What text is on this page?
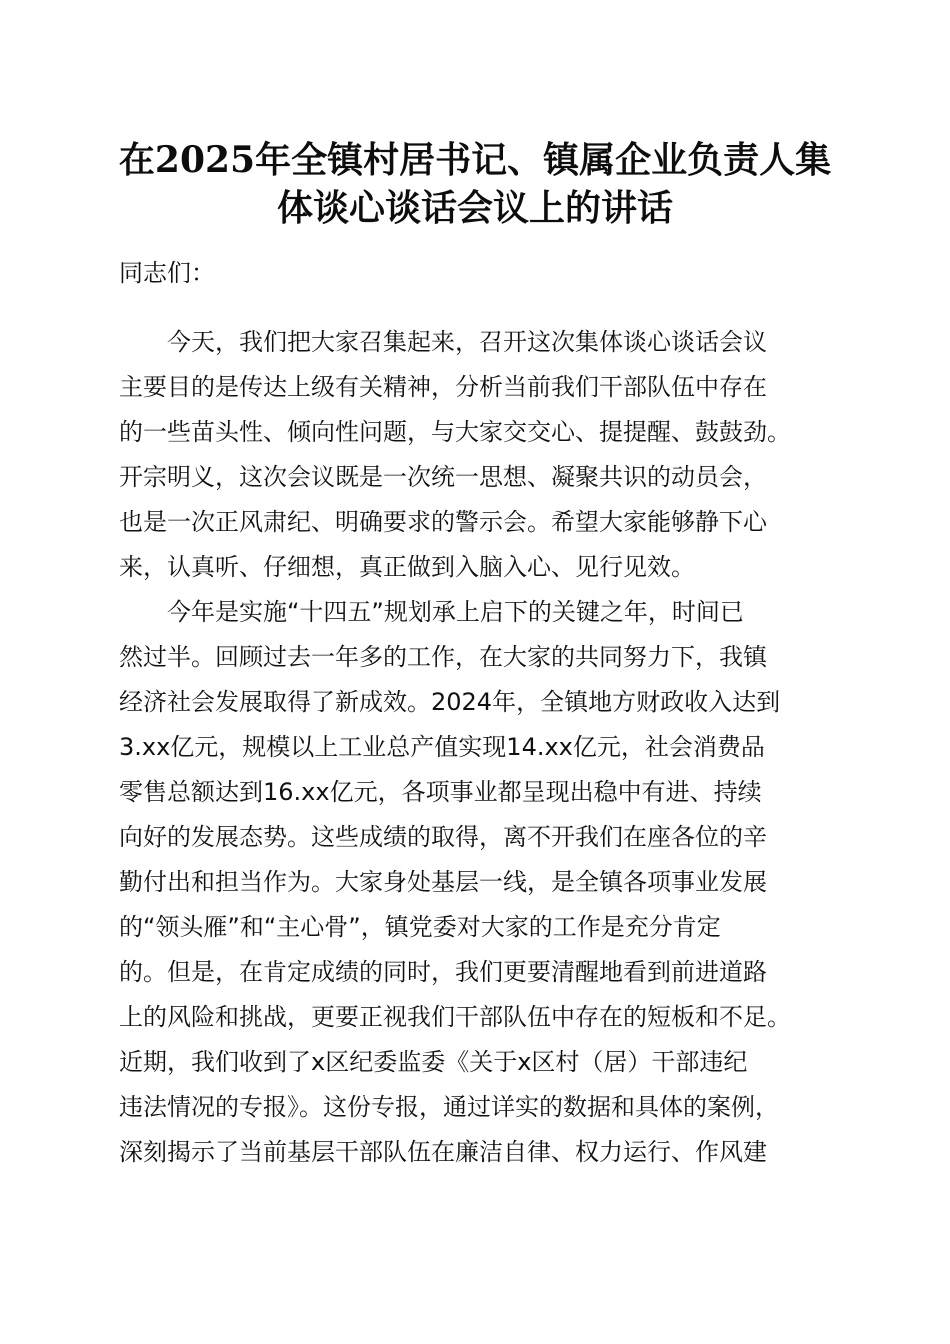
在2025年全镇村居书记、镇属企业负责人集
体谈心谈话会议上的讲话
同志们：
　　今天，我们把大家召集起来，召开这次集体谈心谈话会议
主要目的是传达上级有关精神，分析当前我们干部队伍中存在
的一些苗头性、倾向性问题，与大家交交心、提提醒、鼓鼓劲。
开宗明义，这次会议既是一次统一思想、凝聚共识的动员会，
也是一次正风肃纪、明确要求的警示会。希望大家能够静下心
来，认真听、仔细想，真正做到入脑入心、见行见效。
　　今年是实施“十四五”规划承上启下的关键之年，时间已
然过半。回顾过去一年多的工作，在大家的共同努力下，我镇
经济社会发展取得了新成效。2024年，全镇地方财政收入达到
3.xx亿元，规模以上工业总产值实现14.xx亿元，社会消费品
零售总额达到16.xx亿元，各项事业都呈现出稳中有进、持续
向好的发展态势。这些成绩的取得，离不开我们在座各位的辛
勤付出和担当作为。大家身处基层一线，是全镇各项事业发展
的“领头雁”和“主心骨”，镇党委对大家的工作是充分肯定
的。但是，在肯定成绩的同时，我们更要清醒地看到前进道路
上的风险和挑战，更要正视我们干部队伍中存在的短板和不足。
近期，我们收到了x区纪委监委《关于x区村（居）干部违纪
违法情况的专报》。这份专报，通过详实的数据和具体的案例，
深刻揭示了当前基层干部队伍在廉洁自律、权力运行、作风建
